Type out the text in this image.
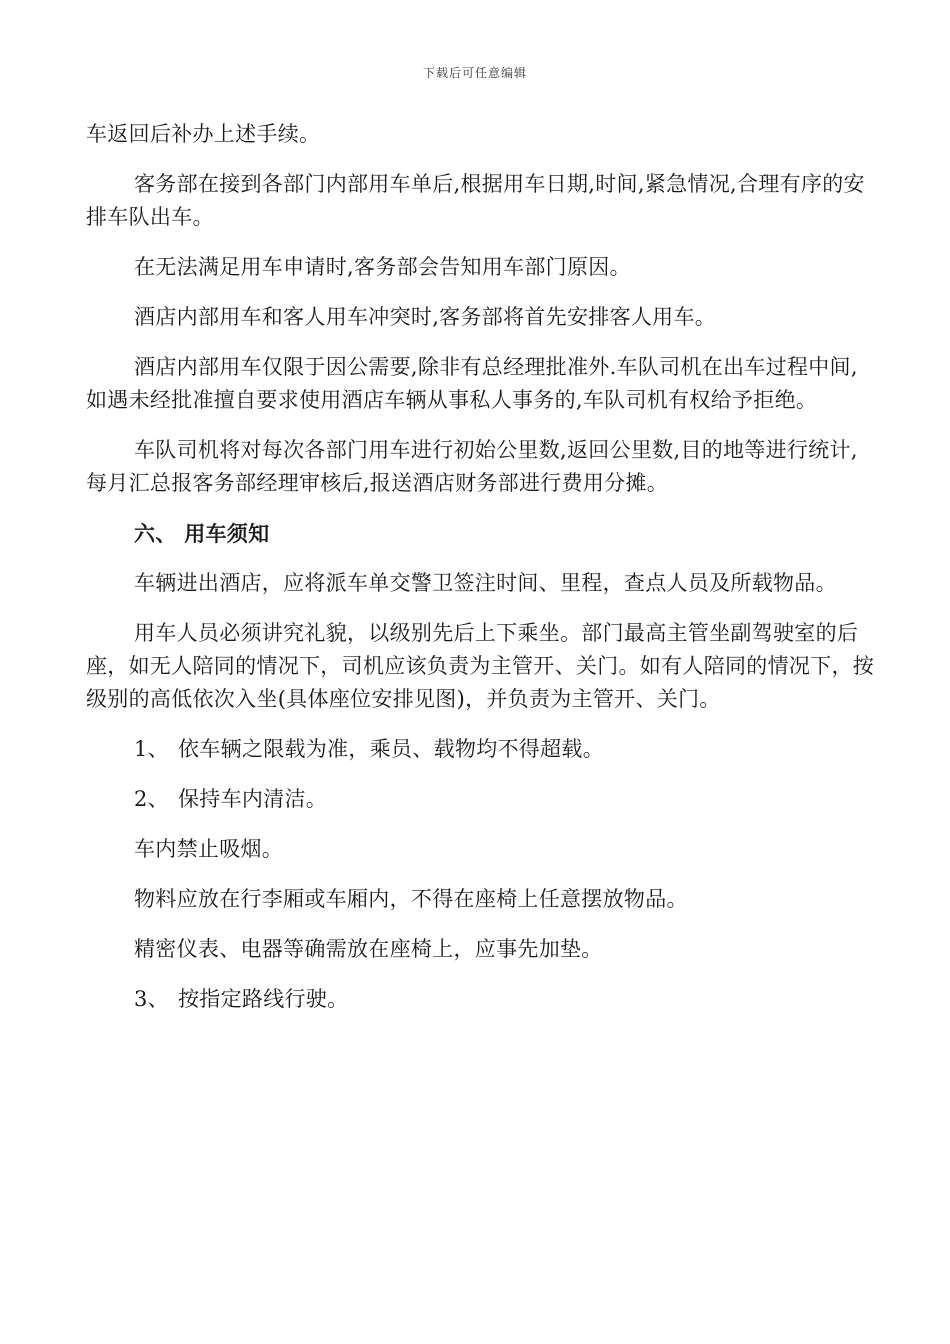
下载后可任意编辑

车返回后补办上述手续。

客务部在接到各部门内部用车单后,根据用车日期,时间,紧急情况,合理有序的安排车队出车。

在无法满足用车申请时,客务部会告知用车部门原因。

酒店内部用车和客人用车冲突时,客务部将首先安排客人用车。

酒店内部用车仅限于因公需要,除非有总经理批准外.车队司机在出车过程中间,如遇未经批准擅自要求使用酒店车辆从事私人事务的,车队司机有权给予拒绝。

车队司机将对每次各部门用车进行初始公里数,返回公里数,目的地等进行统计,每月汇总报客务部经理审核后,报送酒店财务部进行费用分摊。

六、 用车须知

车辆进出酒店，应将派车单交警卫签注时间、里程，查点人员及所载物品。

用车人员必须讲究礼貌，以级别先后上下乘坐。部门最高主管坐副驾驶室的后座，如无人陪同的情况下，司机应该负责为主管开、关门。如有人陪同的情况下，按级别的高低依次入坐(具体座位安排见图)，并负责为主管开、关门。

1、 依车辆之限载为准，乘员、载物均不得超载。

2、 保持车内清洁。

车内禁止吸烟。

物料应放在行李厢或车厢内，不得在座椅上任意摆放物品。

精密仪表、电器等确需放在座椅上，应事先加垫。

3、 按指定路线行驶。
